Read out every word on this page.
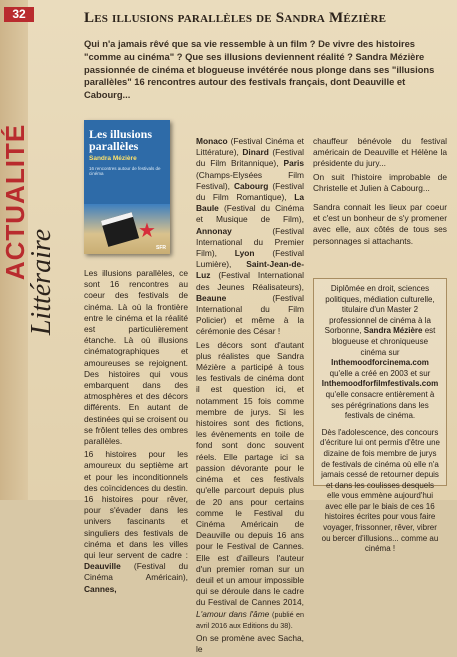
32
ACTUALITÉ
Littéraire
Les illusions parallèles de Sandra Mézière
Qui n'a jamais rêvé que sa vie ressemble à un film ? De vivre des histoires "comme au cinéma" ? Que ses illusions deviennent réalité ? Sandra Mézière passionnée de cinéma et blogueuse invétérée nous plonge dans ses "illusions parallèles" 16 rencontres autour des festivals français, dont Deauville et Cabourg...
Les illusions parallèles
Sandra Mézière
16 rencontres autour de festivals de cinéma
★
SFR

Les illusions parallèles, ce sont 16 rencontres au coeur des festivals de cinéma. Là où la frontière entre le cinéma et la réalité est particulièrement étanche. Là où illusions cinématographiques et amoureuses se rejoignent. Des histoires qui vous embarquent dans des atmosphères et des décors différents. En autant de destinées qui se croisent ou se frôlent telles des ombres parallèles.

16 histoires pour les amoureux du septième art et pour les inconditionnels des coïncidences du destin. 16 histoires pour rêver, pour s'évader dans les univers fascinants et singuliers des festivals de cinéma et dans les villes qui leur servent de cadre : Deauville (Festival du Cinéma Américain), Cannes,

Monaco (Festival Cinéma et Littérature), Dinard (Festival du Film Britannique), Paris (Champs-Elysées Film Festival), Cabourg (Festival du Film Romantique), La Baule (Festival du Cinéma et Musique de Film), Annonay	(Festival International du Premier Film), Lyon (Festival Lumière), Saint-Jean-de-Luz (Festival International des Jeunes Réalisateurs), Beaune	(Festival International du Film Policier) et même à la cérémonie des César !

Les décors sont d'autant plus réalistes que Sandra Mézière a participé à tous les festivals de cinéma dont il est question ici, et notamment 15 fois comme membre de jurys. Si les histoires sont des fictions, les évènements en toile de fond sont donc souvent réels. Elle partage ici sa passion dévorante pour le cinéma et ces festivals qu'elle parcourt depuis plus de 20 ans pour certains comme le Festival du Cinéma Américain de Deauville ou depuis 16 ans pour le Festival de Cannes. Elle est d'ailleurs l'auteur d'un premier roman sur un deuil et un amour impossible qui se déroule dans le cadre du Festival de Cannes 2014, L'amour dans l'âme (publié en avril 2016 aux Editions du 38).

On se promène avec Sacha, le

chauffeur bénévole du festival américain de Deauville et Hélène la présidente du jury...

On suit l'histoire improbable de Christelle et Julien à Cabourg...

Sandra connait les lieux par coeur et c'est un bonheur de s'y promener avec elle, aux côtés de tous ses personnages si attachants.

Diplômée en droit, sciences politiques, médiation culturelle, titulaire d'un Master 2 professionnel de cinéma à la Sorbonne, Sandra Mézière est blogueuse et chroniqueuse cinéma sur Inthemoodforcinema.com qu'elle a créé en 2003 et sur Inthemoodforfilmfestivals.com qu'elle consacre entièrement à ses pérégrinations dans les festivals de cinéma.

Dès l'adolescence, des concours d'écriture lui ont permis d'être une dizaine de fois membre de jurys de festivals de cinéma où elle n'a jamais cessé de retourner depuis et dans les coulisses desquels elle vous emmène aujourd'hui avec elle par le biais de ces 16 histoires écrites pour vous faire voyager, frissonner, rêver, vibrer ou bercer d'illusions... comme au cinéma !
